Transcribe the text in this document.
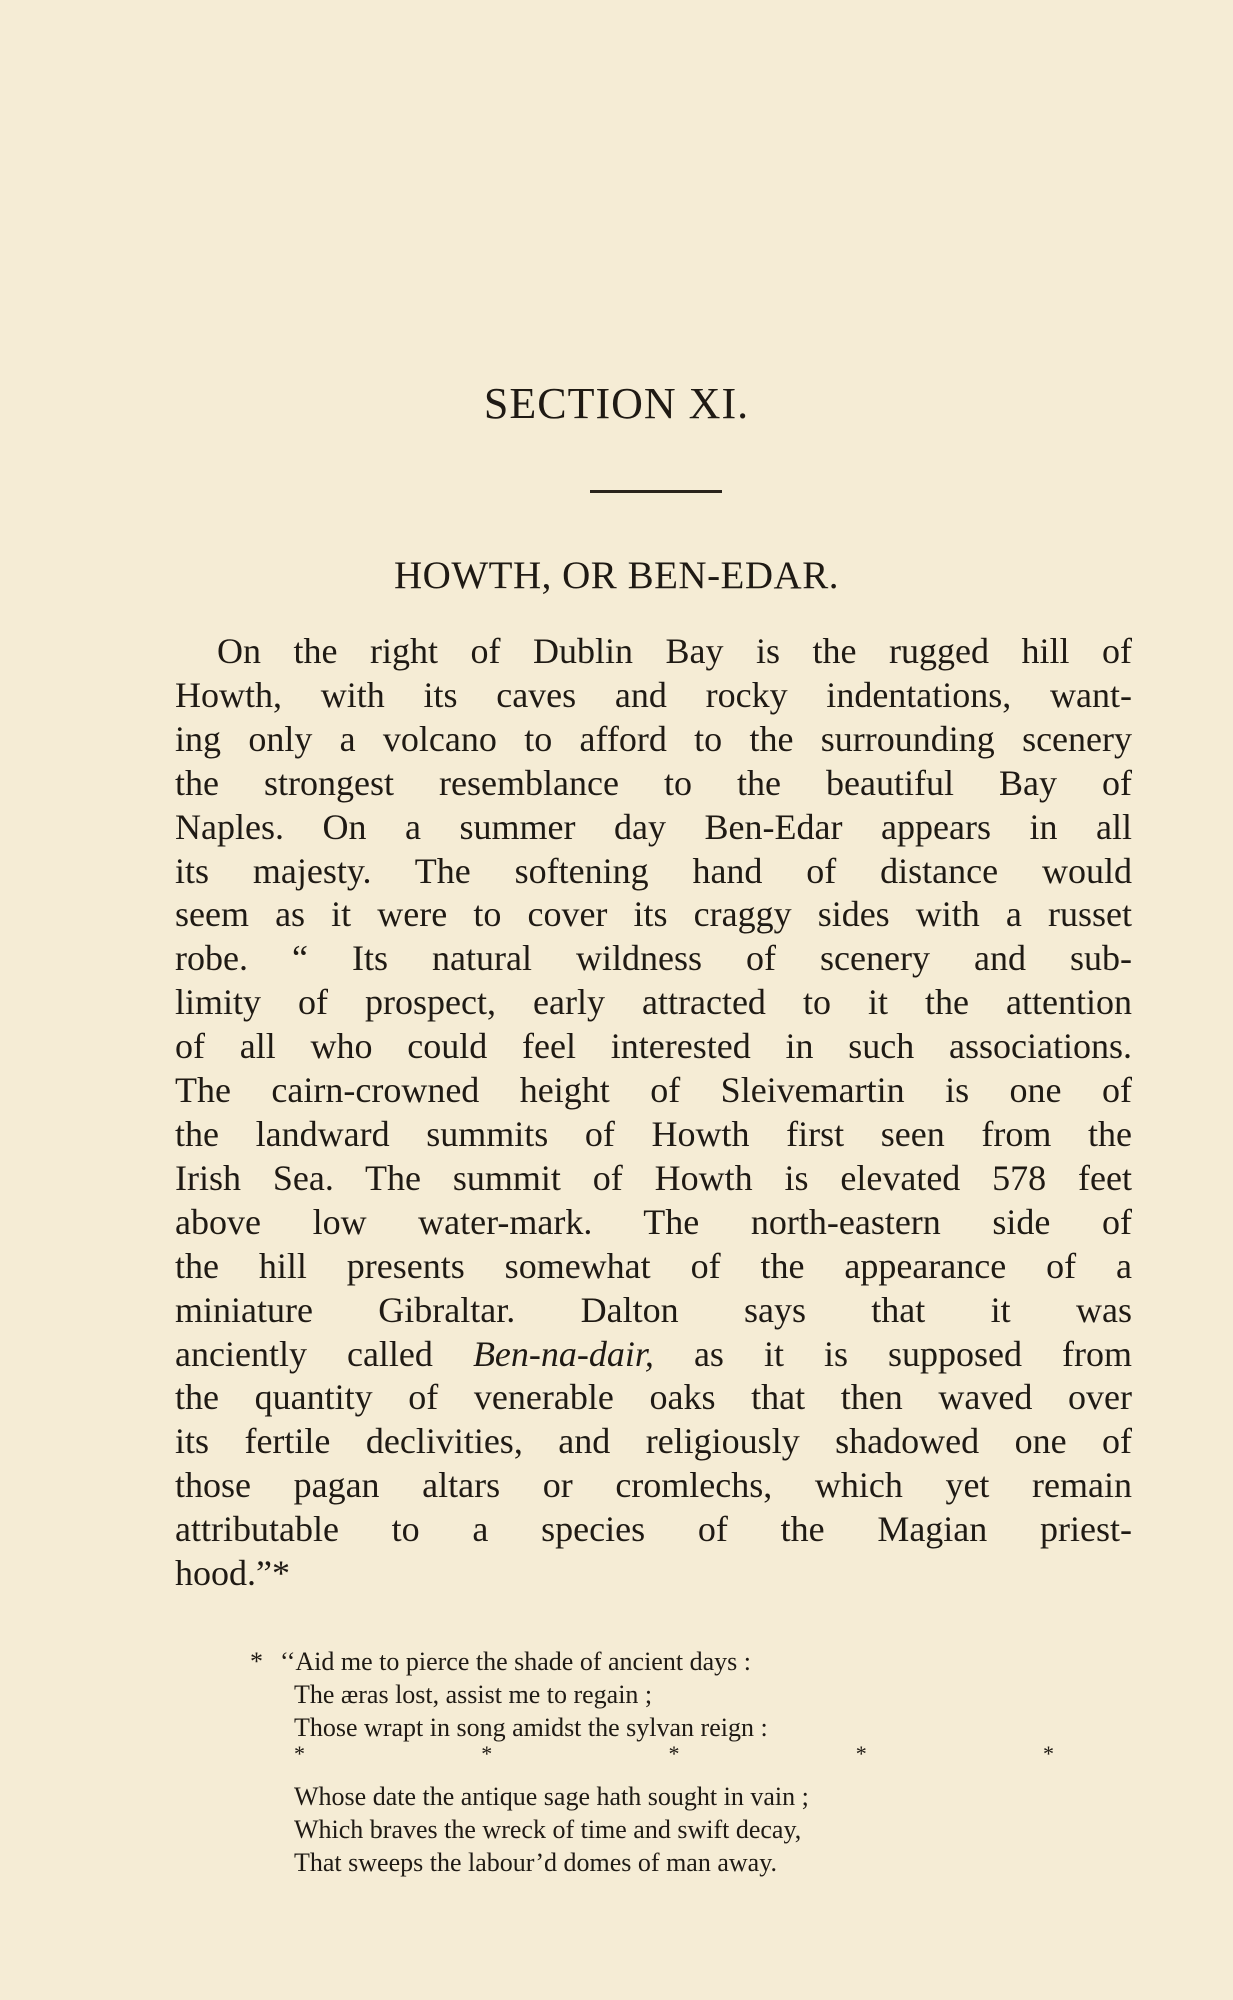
SECTION XI.
HOWTH, OR BEN-EDAR.
On the right of Dublin Bay is the rugged hill of
Howth, with its caves and rocky indentations, want-
ing only a volcano to afford to the surrounding scenery
the strongest resemblance to the beautiful Bay of
Naples. On a summer day Ben-Edar appears in all
its majesty. The softening hand of distance would
seem as it were to cover its craggy sides with a russet
robe. “ Its natural wildness of scenery and sub-
limity of prospect, early attracted to it the attention
of all who could feel interested in such associations.
The cairn-crowned height of Sleivemartin is one of
the landward summits of Howth first seen from the
Irish Sea. The summit of Howth is elevated 578 feet
above low water-mark. The north-eastern side of
the hill presents somewhat of the appearance of a
miniature Gibraltar. Dalton says that it was
anciently called Ben-na-dair, as it is supposed from
the quantity of venerable oaks that then waved over
its fertile declivities, and religiously shadowed one of
those pagan altars or cromlechs, which yet remain
attributable to a species of the Magian priest-
hood.”*
* ‘‘Aid me to pierce the shade of ancient days :
The æras lost, assist me to regain ;
Those wrapt in song amidst the sylvan reign :
*	*	*	*	*
Whose date the antique sage hath sought in vain ;
Which braves the wreck of time and swift decay,
That sweeps the labour’d domes of man away.
